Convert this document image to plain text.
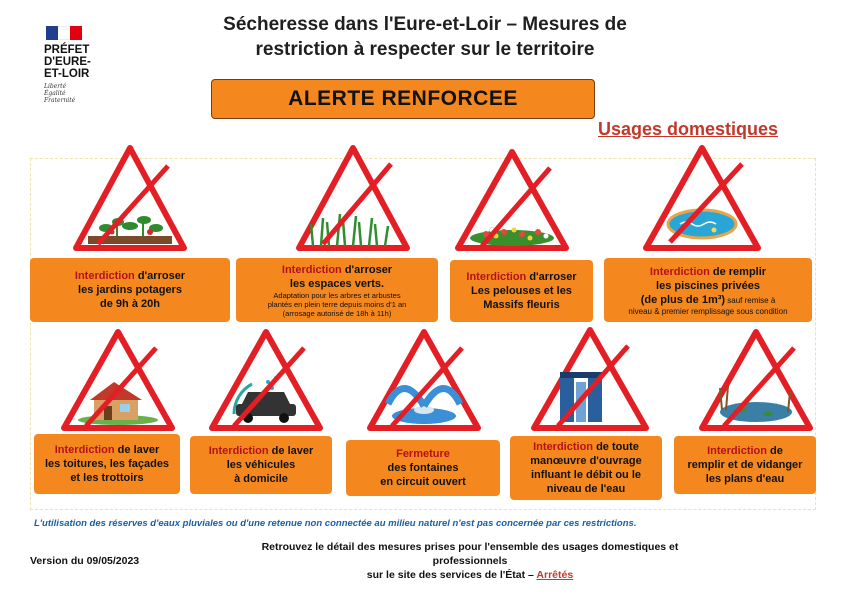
PRÉFET
D'EURE-
ET-LOIR
Liberté
Égalité
Fraternité
Sécheresse dans l'Eure-et-Loir – Mesures de
restriction à respecter sur le territoire
ALERTE RENFORCEE
Usages domestiques
Interdiction d'arroser
les jardins potagers
de 9h à 20h
Interdiction d'arroser
les espaces verts.
Adaptation pour les arbres et arbustes
plantés en plein terre depuis moins d'1 an
(arrosage autorisé de 18h à 11h)
Interdiction d'arroser
Les pelouses et les
Massifs fleuris
Interdiction de remplir
les piscines privées
(de plus de 1m³) sauf remise à
niveau & premier remplissage sous condition
Interdiction de laver
les toitures, les façades
et les trottoirs
Interdiction de laver
les véhicules
à domicile
Fermeture
des fontaines
en circuit ouvert
Interdiction de toute
manœuvre d'ouvrage
influant le débit ou le
niveau de l'eau
Interdiction de
remplir et de vidanger
les plans d'eau
L'utilisation des réserves d'eaux pluviales ou d'une retenue non connectée au milieu naturel n'est pas concernée par ces restrictions.
Retrouvez le détail des mesures prises pour l'ensemble des usages domestiques et professionnels
sur le site des services de l'État – Arrêtés
Version du 09/05/2023
